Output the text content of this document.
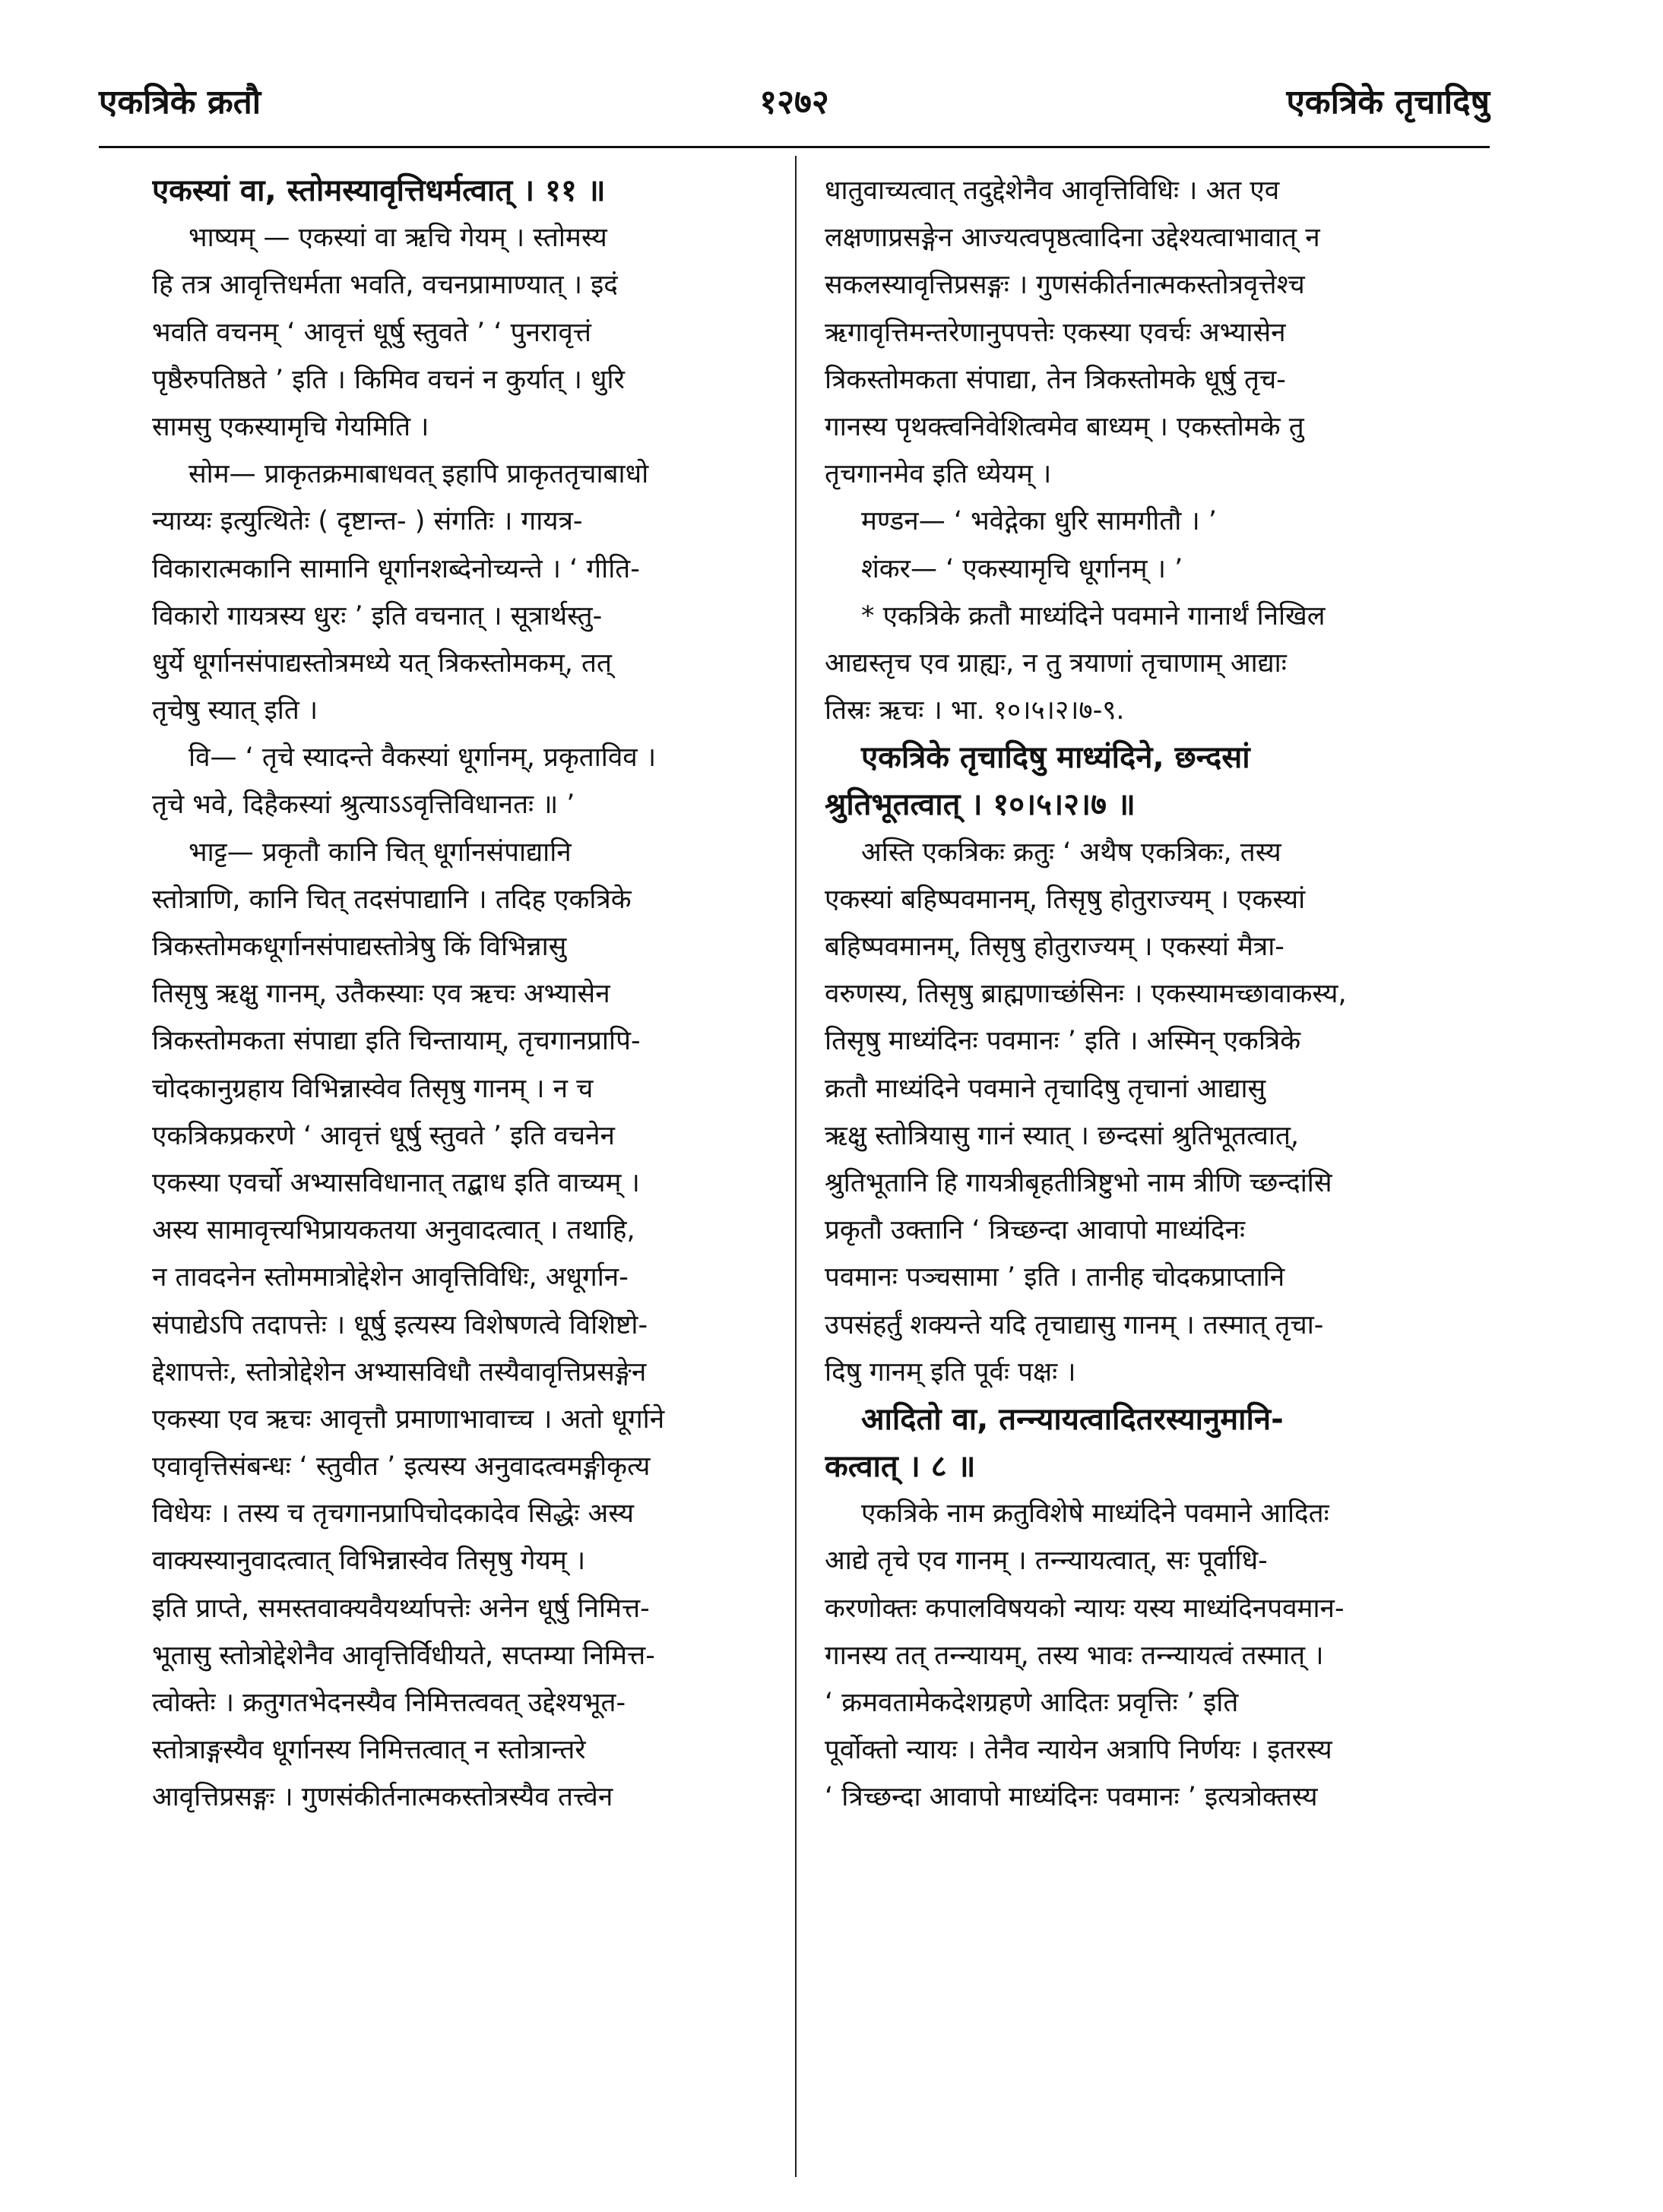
एकत्रिके क्रतौ	१२७२	एकत्रिके तृचादिषु
एकस्यां वा, स्तोमस्यावृत्तिधर्मत्वात् । ११ ॥
भाष्यम् — एकस्यां वा ऋचि गेयम् । स्तोमस्य
हि तत्र आवृत्तिधर्मता भवति, वचनप्रामाण्यात् । इदं
भवति वचनम् ‘ आवृत्तं धूर्षु स्तुवते ’ ‘ पुनरावृत्तं
पृष्ठैरुपतिष्ठते ’ इति । किमिव वचनं न कुर्यात् । धुरि
सामसु एकस्यामृचि गेयमिति ।
सोम— प्राकृतक्रमाबाधवत् इहापि प्राकृततृचाबाधो
न्याय्यः इत्युत्थितेः ( दृष्टान्त- ) संगतिः । गायत्र-
विकारात्मकानि सामानि धूर्गानशब्देनोच्यन्ते । ‘ गीति-
विकारो गायत्रस्य धुरः ’ इति वचनात् । सूत्रार्थस्तु-
धुर्ये धूर्गानसंपाद्यस्तोत्रमध्ये यत् त्रिकस्तोमकम्, तत्
तृचेषु स्यात् इति ।
वि— ‘ तृचे स्यादन्ते वैकस्यां धूर्गानम्, प्रकृताविव ।
तृचे भवे, दिहैकस्यां श्रुत्याऽऽवृत्तिविधानतः ॥ ’
भाट्ट— प्रकृतौ कानि चित् धूर्गानसंपाद्यानि
स्तोत्राणि, कानि चित् तदसंपाद्यानि । तदिह एकत्रिके
त्रिकस्तोमकधूर्गानसंपाद्यस्तोत्रेषु किं विभिन्नासु
तिसृषु ऋक्षु गानम्, उतैकस्याः एव ऋचः अभ्यासेन
त्रिकस्तोमकता संपाद्या इति चिन्तायाम्, तृचगानप्रापि-
चोदकानुग्रहाय विभिन्नास्वेव तिसृषु गानम् । न च
एकत्रिकप्रकरणे ‘ आवृत्तं धूर्षु स्तुवते ’ इति वचनेन
एकस्या एवर्चो अभ्यासविधानात् तद्बाध इति वाच्यम् ।
अस्य सामावृत्त्यभिप्रायकतया अनुवादत्वात् । तथाहि,
न तावदनेन स्तोममात्रोद्देशेन आवृत्तिविधिः, अधूर्गान-
संपाद्येऽपि तदापत्तेः । धूर्षु इत्यस्य विशेषणत्वे विशिष्टो-
द्देशापत्तेः, स्तोत्रोद्देशेन अभ्यासविधौ तस्यैवावृत्तिप्रसङ्गेन
एकस्या एव ऋचः आवृत्तौ प्रमाणाभावाच्च । अतो धूर्गाने
एवावृत्तिसंबन्धः ‘ स्तुवीत ’ इत्यस्य अनुवादत्वमङ्गीकृत्य
विधेयः । तस्य च तृचगानप्रापिचोदकादेव सिद्धेः अस्य
वाक्यस्यानुवादत्वात् विभिन्नास्वेव तिसृषु गेयम् ।
इति प्राप्ते, समस्तवाक्यवैयर्थ्यापत्तेः अनेन धूर्षु निमित्त-
भूतासु स्तोत्रोद्देशेनैव आवृत्तिर्विधीयते, सप्तम्या निमित्त-
त्वोक्तेः । क्रतुगतभेदनस्यैव निमित्तत्ववत् उद्देश्यभूत-
स्तोत्राङ्गस्यैव धूर्गानस्य निमित्तत्वात् न स्तोत्रान्तरे
आवृत्तिप्रसङ्गः । गुणसंकीर्तनात्मकस्तोत्रस्यैव तत्त्वेन
धातुवाच्यत्वात् तदुद्देशेनैव आवृत्तिविधिः । अत एव
लक्षणाप्रसङ्गेन आज्यत्वपृष्ठत्वादिना उद्देश्यत्वाभावात् न
सकलस्यावृत्तिप्रसङ्गः । गुणसंकीर्तनात्मकस्तोत्रवृत्तेश्च
ऋगावृत्तिमन्तरेणानुपपत्तेः एकस्या एवर्चः अभ्यासेन
त्रिकस्तोमकता संपाद्या, तेन त्रिकस्तोमके धूर्षु तृच-
गानस्य पृथक्त्वनिवेशित्वमेव बाध्यम् । एकस्तोमके तु
तृचगानमेव इति ध्येयम् ।
मण्डन— ‘ भवेद्गेका धुरि सामगीतौ । ’
शंकर— ‘ एकस्यामृचि धूर्गानम् । ’
* एकत्रिके क्रतौ माध्यंदिने पवमाने गानार्थं निखिल
आद्यस्तृच एव ग्राह्यः, न तु त्रयाणां तृचाणाम् आद्याः
तिस्रः ऋचः । भा. १०।५।२।७-९.
एकत्रिके तृचादिषु माध्यंदिने, छन्दसां
श्रुतिभूतत्वात् । १०।५।२।७ ॥
अस्ति एकत्रिकः क्रतुः ‘ अथैष एकत्रिकः, तस्य
एकस्यां बहिष्पवमानम्, तिसृषु होतुराज्यम् । एकस्यां
बहिष्पवमानम्, तिसृषु होतुराज्यम् । एकस्यां मैत्रा-
वरुणस्य, तिसृषु ब्राह्मणाच्छंसिनः । एकस्यामच्छावाकस्य,
तिसृषु माध्यंदिनः पवमानः ’ इति । अस्मिन् एकत्रिके
क्रतौ माध्यंदिने पवमाने तृचादिषु तृचानां आद्यासु
ऋक्षु स्तोत्रियासु गानं स्यात् । छन्दसां श्रुतिभूतत्वात्,
श्रुतिभूतानि हि गायत्रीबृहतीत्रिष्टुभो नाम त्रीणि च्छन्दांसि
प्रकृतौ उक्तानि ‘ त्रिच्छन्दा आवापो माध्यंदिनः
पवमानः पञ्चसामा ’ इति । तानीह चोदकप्राप्तानि
उपसंहर्तुं शक्यन्ते यदि तृचाद्यासु गानम् । तस्मात् तृचा-
दिषु गानम् इति पूर्वः पक्षः ।
आदितो वा, तन्न्यायत्वादितरस्यानुमानि-
कत्वात् । ८ ॥
एकत्रिके नाम क्रतुविशेषे माध्यंदिने पवमाने आदितः
आद्ये तृचे एव गानम् । तन्न्यायत्वात्, सः पूर्वाधि-
करणोक्तः कपालविषयको न्यायः यस्य माध्यंदिनपवमान-
गानस्य तत् तन्न्यायम्, तस्य भावः तन्न्यायत्वं तस्मात् ।
‘ क्रमवतामेकदेशग्रहणे आदितः प्रवृत्तिः ’ इति
पूर्वोक्तो न्यायः । तेनैव न्यायेन अत्रापि निर्णयः । इतरस्य
‘ त्रिच्छन्दा आवापो माध्यंदिनः पवमानः ’ इत्यत्रोक्तस्य
